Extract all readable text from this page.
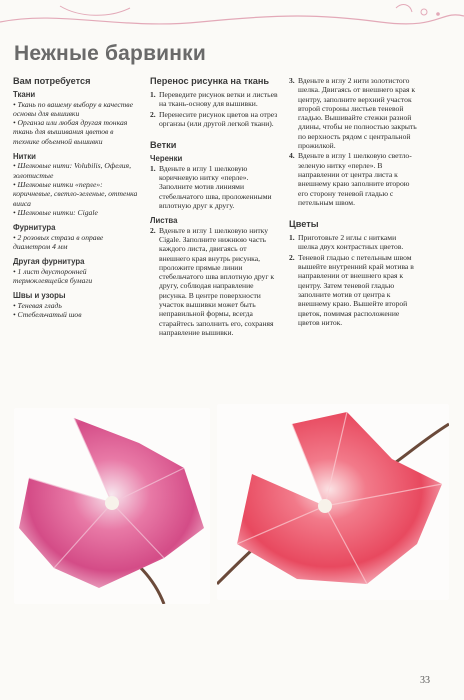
Нежные барвинки
Вам потребуется
Ткани
• Ткань по вашему выбору в качестве основы для вышивки
• Органза или любая другая тонкая ткань для вышивания цветов в технике объемной вышивки
Нитки
• Шелковые нити: Volubilis, Офелия, золотистые
• Шелковые нитки «перле»: коричневые, светло-зеленые, оттенка вииса
• Шелковые нитки: Cigale
Фурнитура
• 2 розовых страза в оправе диаметром 4 мм
Другая фурнитура
• 1 лист двусторонней термоклеящейся бумаги
Швы и узоры
• Теневая гладь
• Стебельчатый шов
Перенос рисунка на ткань
1. Переведите рисунок ветки и листьев на ткань-основу для вышивки.
2. Перенесите рисунок цветов на отрез органзы (или другой легкой ткани).
Ветки
Черенки
1. Вденьте в иглу 1 шелковую коричневую нитку «перле». Заполните мотив линиями стебельчатого шва, проложенными вплотную друг к другу.
Листва
2. Вденьте в иглу 1 шелковую нитку Cigale. Заполните нижнюю часть каждого листа, двигаясь от внешнего края внутрь рисунка, проложите прямые линии стебельчатого шва вплотную друг к другу, соблюдая направление рисунка. В центре поверхности участок вышивки может быть неправильной формы, всегда старайтесь заполнить его, сохраняя направление вышивки.
3. Вденьте в иглу 2 нити золотистого шелка. Двигаясь от внешнего края к центру, заполните верхний участок второй стороны листьев теневой гладью. Вышивайте стежки разной длины, чтобы не полностью закрыть по верхность рядом с центральной прожилкой.
4. Вденьте в иглу 1 шелковую светло-зеленую нитку «перле». В направлении от центра листа к внешнему краю заполните второю его сторону теневой гладью с петельным швом.
Цветы
1. Приготовьте 2 иглы с нитками шелка двух контрастных цветов.
2. Теневой гладью с петельным швом вышейте внутренний край мотива в направлении от внешнего края к центру. Затем теневой гладью заполните мотив от центра к внешнему краю. Вышейте второй цветок, помимая расположение цветов ниток.
33
